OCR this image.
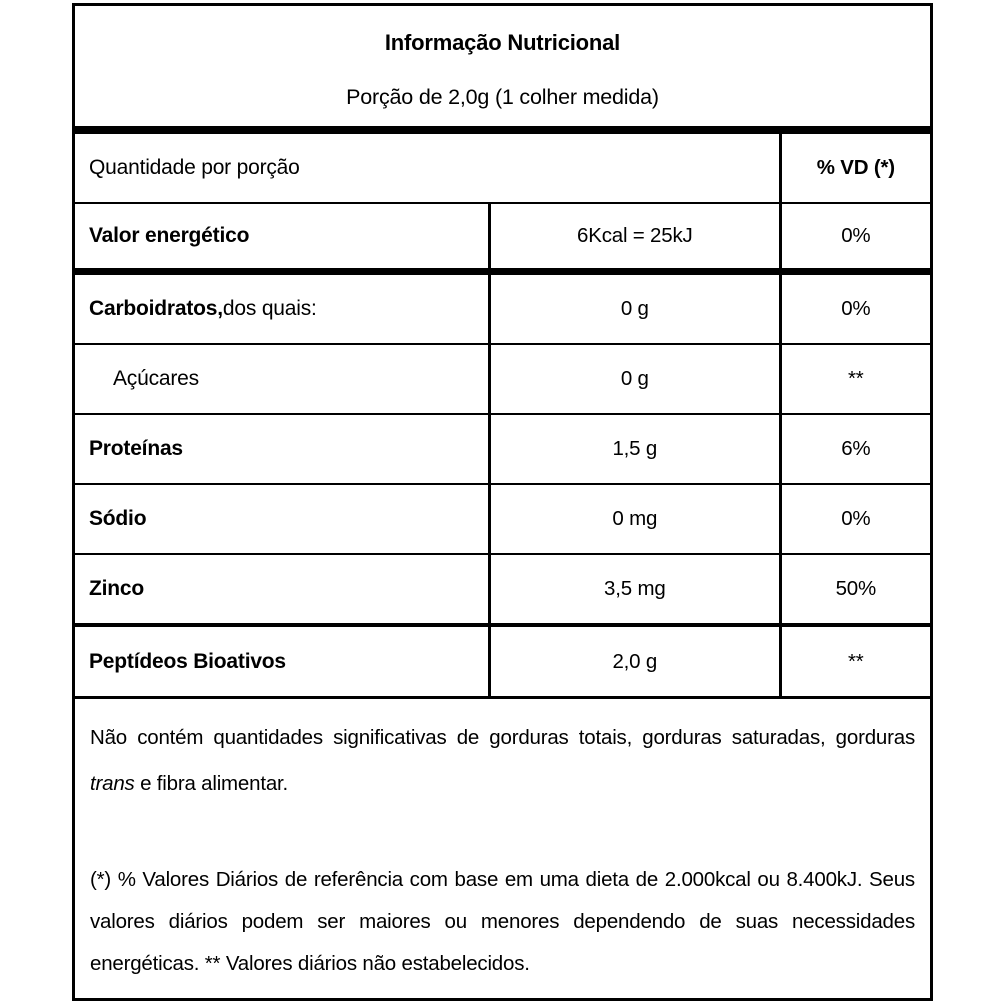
Informação Nutricional
Porção de 2,0g (1 colher medida)
Quantidade por porção	% VD (*)
Valor energético	6Kcal = 25kJ	0%
Carboidratos, dos quais:	0 g	0%
Açúcares	0 g	**
Proteínas	1,5 g	6%
Sódio	0 mg	0%
Zinco	3,5 mg	50%
Peptídeos Bioativos	2,0 g	**

Não contém quantidades significativas de gorduras totais, gorduras saturadas, gorduras trans e fibra alimentar.

(*) % Valores Diários de referência com base em uma dieta de 2.000kcal ou 8.400kJ. Seus valores diários podem ser maiores ou menores dependendo de suas necessidades energéticas. ** Valores diários não estabelecidos.
